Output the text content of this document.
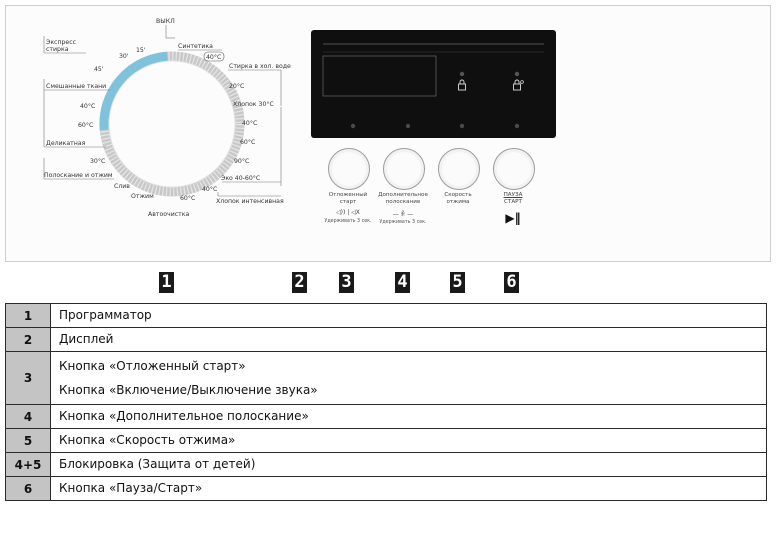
ВЫКЛ
15'
Синтетика
40°C
Стирка в хол. воде
20°C
Хлопок 30°C
40°C
60°C
90°C
Эко 40-60°C
40°C
Хлопок интенсивная
60°C
Автоочистка
Отжим
Слив
Полоскание и отжим
30°C
Деликатная
60°C
40°C
Смешанные ткани
45'
30'
Экспресс
стирка
Отложенный
старт
◁)) | ◁X
Удерживать 3 сек.
Дополнительное
полоскание
— ꆜ —
Удерживать 3 сек.
Скорость
отжима
ПАУЗА
СТАРТ
▶‖
1	2 3	4	5	6
1	Программатор
2	Дисплей
3	Кнопка «Отложенный старт»
Кнопка «Включение/Выключение звука»

4	Кнопка «Дополнительное полоскание»
5	Кнопка «Скорость отжима»
4+5	Блокировка (Защита от детей)
6	Кнопка «Пауза/Старт»
